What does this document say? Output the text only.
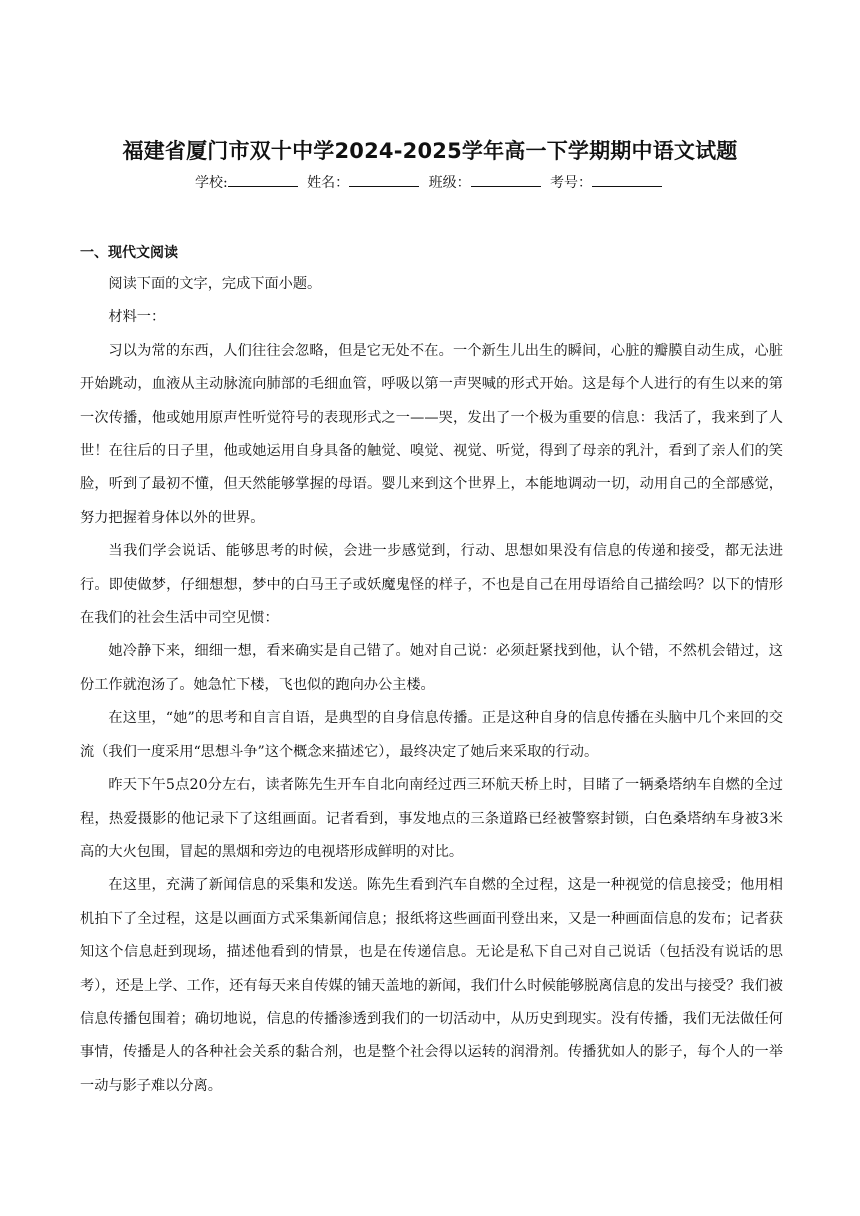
福建省厦门市双十中学2024-2025学年高一下学期期中语文试题
学校:	姓名：	班级：	考号：
一、现代文阅读

阅读下面的文字，完成下面小题。

材料一：

习以为常的东西，人们往往会忽略，但是它无处不在。一个新生儿出生的瞬间，心脏的瓣膜自动生成，心脏开始跳动，血液从主动脉流向肺部的毛细血管，呼吸以第一声哭喊的形式开始。这是每个人进行的有生以来的第一次传播，他或她用原声性听觉符号的表现形式之一——哭，发出了一个极为重要的信息：我活了，我来到了人世！在往后的日子里，他或她运用自身具备的触觉、嗅觉、视觉、听觉，得到了母亲的乳汁，看到了亲人们的笑脸，听到了最初不懂，但天然能够掌握的母语。婴儿来到这个世界上，本能地调动一切，动用自己的全部感觉，努力把握着身体以外的世界。

当我们学会说话、能够思考的时候，会进一步感觉到，行动、思想如果没有信息的传递和接受，都无法进行。即使做梦，仔细想想，梦中的白马王子或妖魔鬼怪的样子，不也是自己在用母语给自己描绘吗？以下的情形在我们的社会生活中司空见惯：

她冷静下来，细细一想，看来确实是自己错了。她对自己说：必须赶紧找到他，认个错，不然机会错过，这份工作就泡汤了。她急忙下楼，飞也似的跑向办公主楼。

在这里，“她”的思考和自言自语，是典型的自身信息传播。正是这种自身的信息传播在头脑中几个来回的交流（我们一度采用“思想斗争”这个概念来描述它），最终决定了她后来采取的行动。

昨天下午5点20分左右，读者陈先生开车自北向南经过西三环航天桥上时，目睹了一辆桑塔纳车自燃的全过程，热爱摄影的他记录下了这组画面。记者看到，事发地点的三条道路已经被警察封锁，白色桑塔纳车身被3米高的大火包围，冒起的黑烟和旁边的电视塔形成鲜明的对比。

在这里，充满了新闻信息的采集和发送。陈先生看到汽车自燃的全过程，这是一种视觉的信息接受；他用相机拍下了全过程，这是以画面方式采集新闻信息；报纸将这些画面刊登出来，又是一种画面信息的发布；记者获知这个信息赶到现场，描述他看到的情景，也是在传递信息。无论是私下自己对自己说话（包括没有说话的思考），还是上学、工作，还有每天来自传媒的铺天盖地的新闻，我们什么时候能够脱离信息的发出与接受？我们被信息传播包围着；确切地说，信息的传播渗透到我们的一切活动中，从历史到现实。没有传播，我们无法做任何事情，传播是人的各种社会关系的黏合剂，也是整个社会得以运转的润滑剂。传播犹如人的影子，每个人的一举一动与影子难以分离。
